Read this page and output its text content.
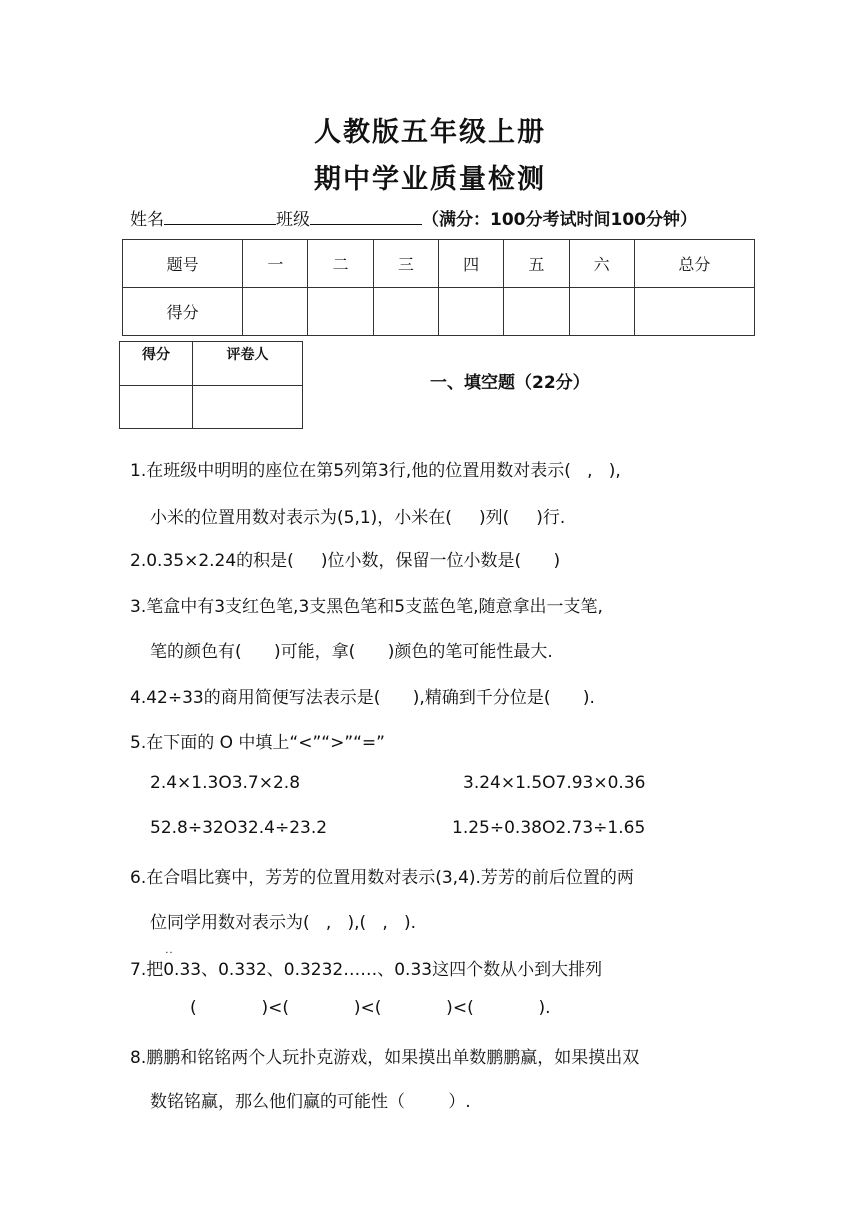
人教版五年级上册
期中学业质量检测
姓名	班级	（满分：100分考试时间100分钟）
题号	一	二	三	四	五	六	总分
得分							
得分	评卷人

一、填空题（22分）
1.在班级中明明的座位在第5列第3行,他的位置用数对表示(   ,   ),
小米的位置用数对表示为(5,1)，小米在(     )列(     )行.
2.0.35×2.24的积是(     )位小数，保留一位小数是(      )
3.笔盒中有3支红色笔,3支黑色笔和5支蓝色笔,随意拿出一支笔,
笔的颜色有(      )可能，拿(      )颜色的笔可能性最大.
4.42÷33的商用简便写法表示是(      ),精确到千分位是(      ).
5.在下面的 O 中填上“<”“>”“=”
2.4×1.3O3.7×2.8	3.24×1.5O7.93×0.36
52.8÷32O32.4÷23.2	1.25÷0.38O2.73÷1.65
6.在合唱比赛中，芳芳的位置用数对表示(3,4).芳芳的前后位置的两
位同学用数对表示为(   ,   ),(   ,   ).
7.把
··
0.33、0.332、0.3232……、0.33这四个数从小到大排列
(            )<(            )<(            )<(            ).
8.鹏鹏和铭铭两个人玩扑克游戏，如果摸出单数鹏鹏赢，如果摸出双
数铭铭赢，那么他们赢的可能性（        ）.
